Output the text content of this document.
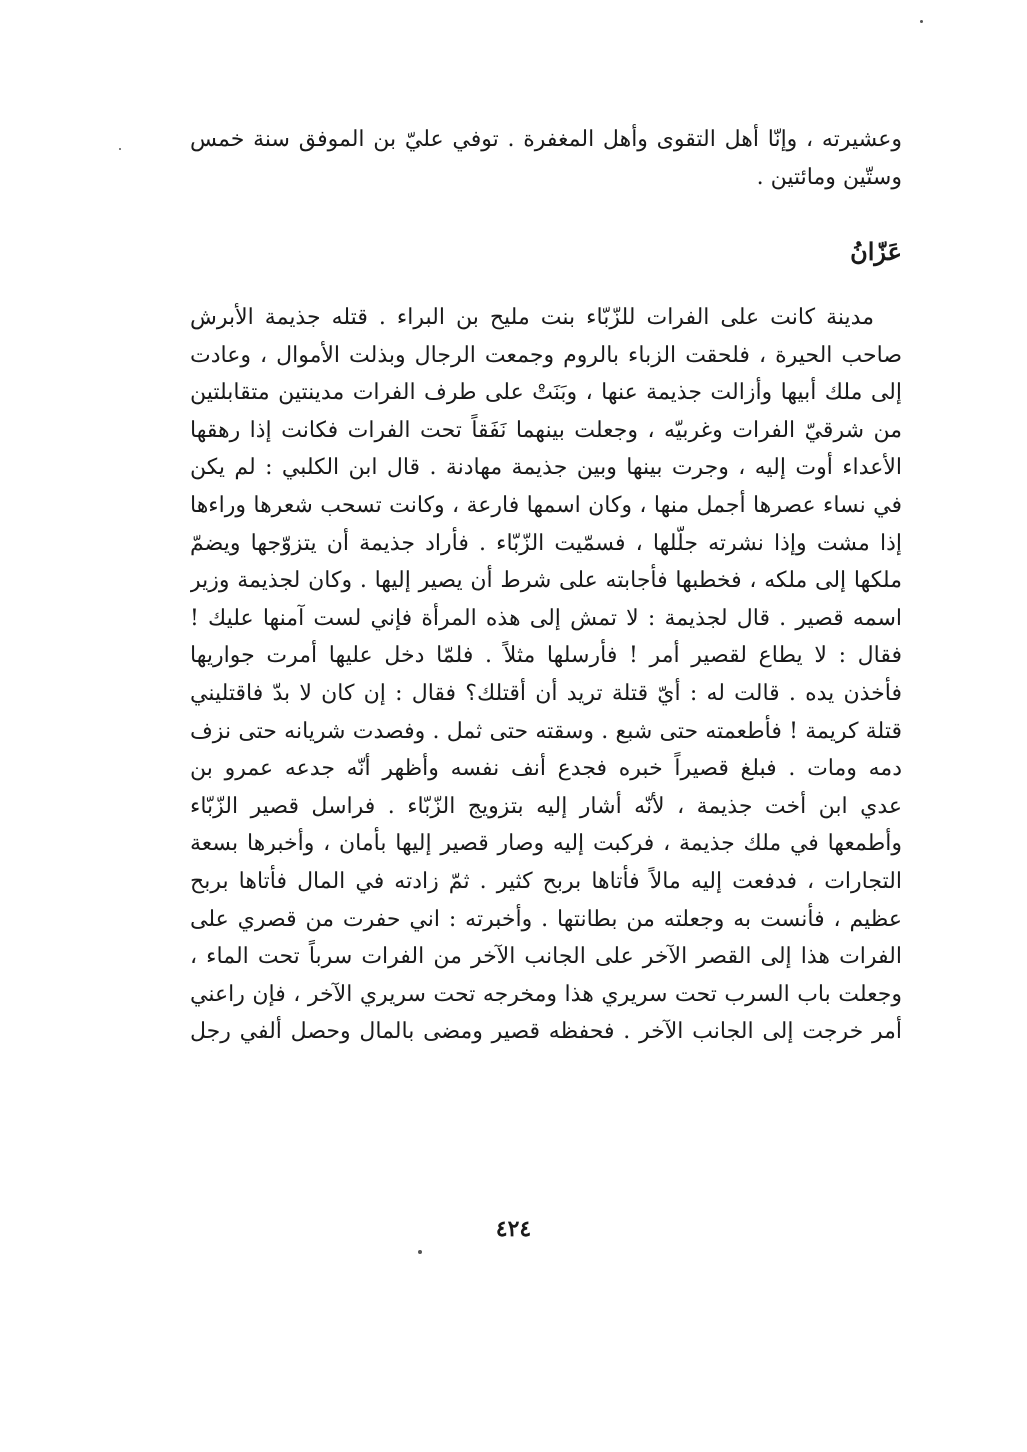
وعشيرته ، وإنّا أهل التقوى وأهل المغفرة . توفي عليّ بن الموفق سنة خمس
وستّين ومائتين .
عَزّانُ
مدينة كانت على الفرات للزّبّاء بنت مليح بن البراء . قتله جذيمة الأبرش
صاحب الحيرة ، فلحقت الزباء بالروم وجمعت الرجال وبذلت الأموال ، وعادت
إلى ملك أبيها وأزالت جذيمة عنها ، وبَنَتْ على طرف الفرات مدينتين متقابلتين
من شرقيّ الفرات وغربيّه ، وجعلت بينهما نَفَقاً تحت الفرات فكانت إذا رهقها
الأعداء أوت إليه ، وجرت بينها وبين جذيمة مهادنة . قال ابن الكلبي : لم يكن
في نساء عصرها أجمل منها ، وكان اسمها فارعة ، وكانت تسحب شعرها وراءها
إذا مشت وإذا نشرته جلّلها ، فسمّيت الزّبّاء . فأراد جذيمة أن يتزوّجها ويضمّ
ملكها إلى ملكه ، فخطبها فأجابته على شرط أن يصير إليها . وكان لجذيمة وزير
اسمه قصير . قال لجذيمة : لا تمش إلى هذه المرأة فإني لست آمنها عليك !
فقال : لا يطاع لقصير أمر ! فأرسلها مثلاً . فلمّا دخل عليها أمرت جواريها
فأخذن يده . قالت له : أيّ قتلة تريد أن أقتلك؟ فقال : إن كان لا بدّ فاقتليني
قتلة كريمة ! فأطعمته حتى شبع . وسقته حتى ثمل . وفصدت شريانه حتى نزف
دمه ومات . فبلغ قصيراً خبره فجدع أنف نفسه وأظهر أنّه جدعه عمرو بن
عدي ابن أخت جذيمة ، لأنّه أشار إليه بتزويج الزّبّاء . فراسل قصير الزّبّاء
وأطمعها في ملك جذيمة ، فركبت إليه وصار قصير إليها بأمان ، وأخبرها بسعة
التجارات ، فدفعت إليه مالاً فأتاها بربح كثير . ثمّ زادته في المال فأتاها بربح
عظيم ، فأنست به وجعلته من بطانتها . وأخبرته : اني حفرت من قصري على
الفرات هذا إلى القصر الآخر على الجانب الآخر من الفرات سرباً تحت الماء ،
وجعلت باب السرب تحت سريري هذا ومخرجه تحت سريري الآخر ، فإن راعني
أمر خرجت إلى الجانب الآخر . فحفظه قصير ومضى بالمال وحصل ألفي رجل
٤٢٤
